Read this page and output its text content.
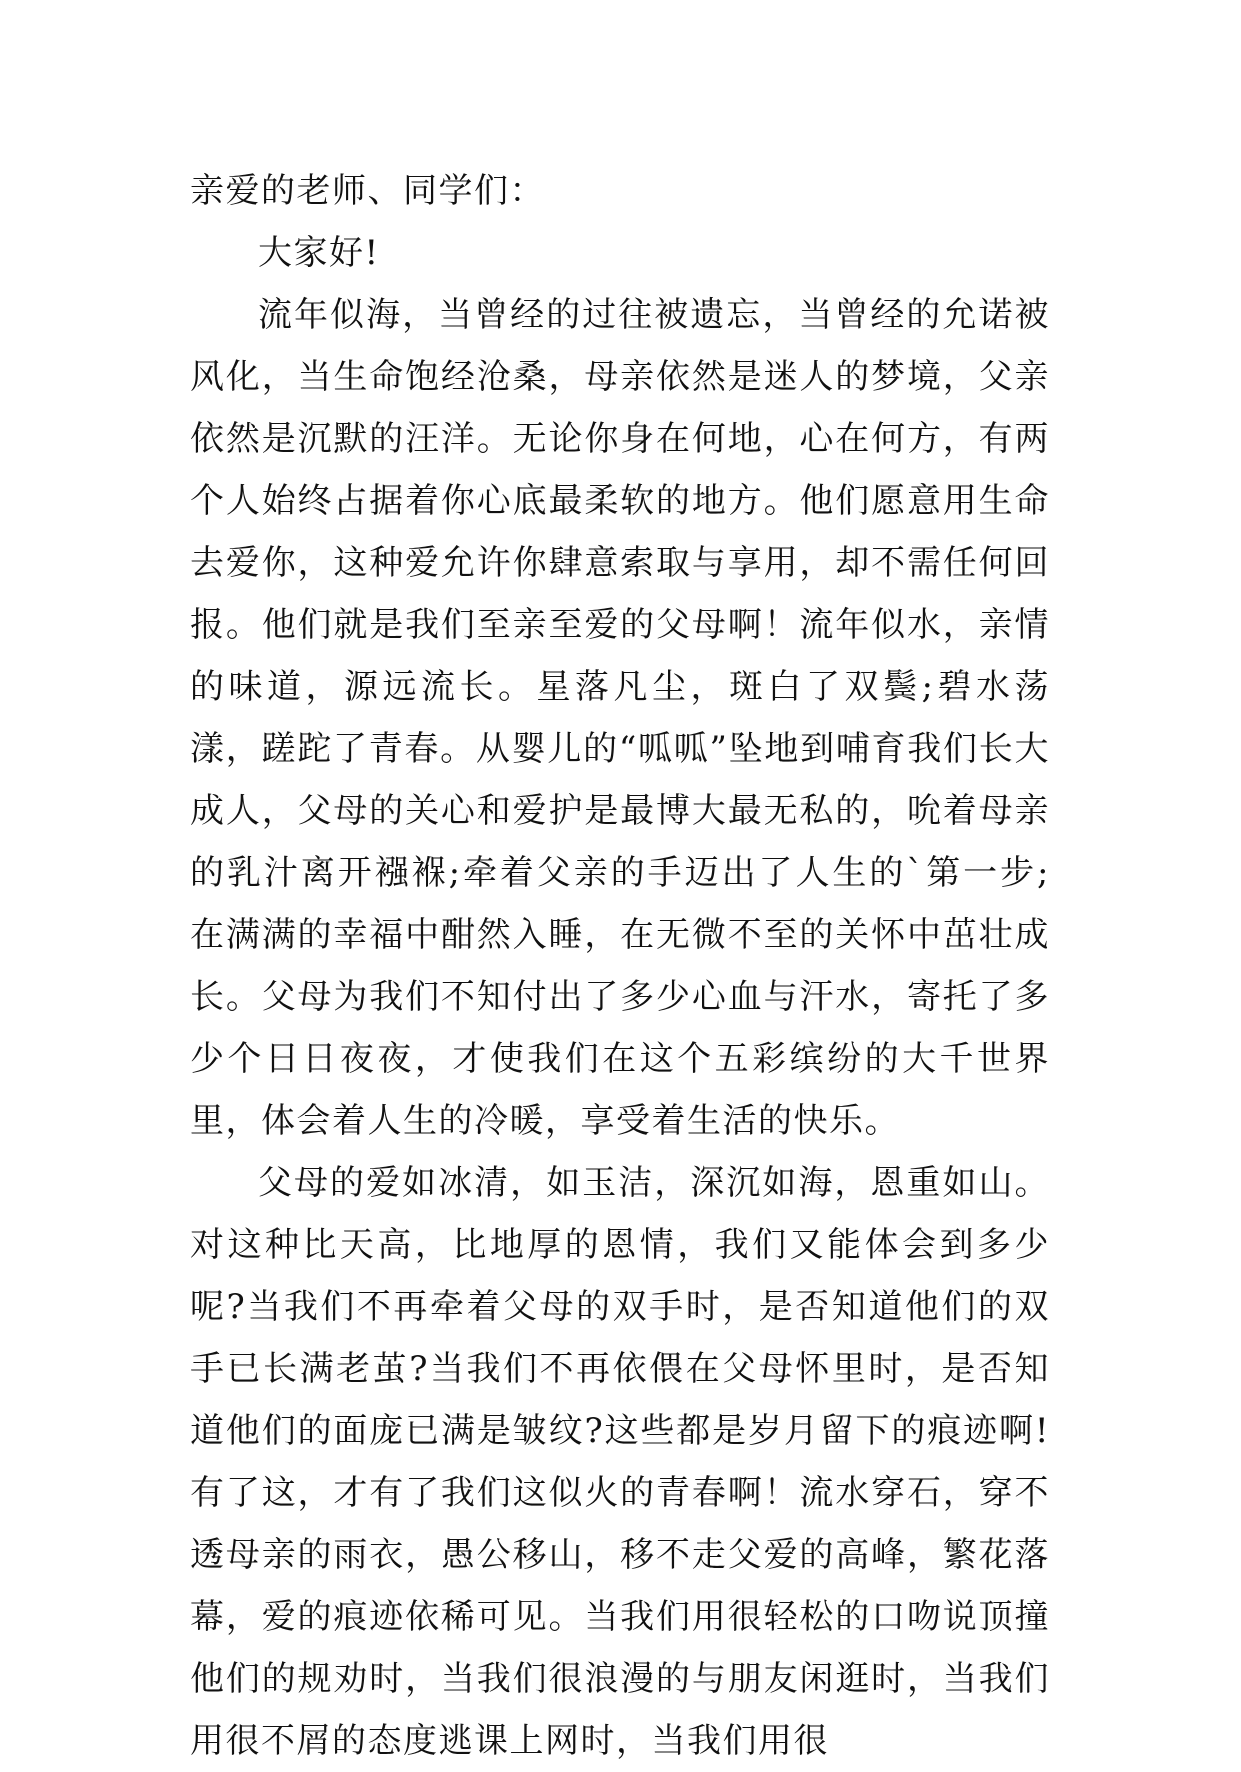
亲爱的老师、同学们：

大家好!

流年似海，当曾经的过往被遗忘，当曾经的允诺被风化，当生命饱经沧桑，母亲依然是迷人的梦境，父亲依然是沉默的汪洋。无论你身在何地，心在何方，有两个人始终占据着你心底最柔软的地方。他们愿意用生命去爱你，这种爱允许你肆意索取与享用，却不需任何回报。他们就是我们至亲至爱的父母啊！流年似水，亲情的味道，源远流长。星落凡尘，斑白了双鬓;碧水荡漾，蹉跎了青春。从婴儿的“呱呱”坠地到哺育我们长大成人，父母的关心和爱护是最博大最无私的，吮着母亲的乳汁离开襁褓;牵着父亲的手迈出了人生的`第一步;在满满的幸福中酣然入睡，在无微不至的关怀中茁壮成长。父母为我们不知付出了多少心血与汗水，寄托了多少个日日夜夜，才使我们在这个五彩缤纷的大千世界里，体会着人生的冷暖，享受着生活的快乐。

父母的爱如冰清，如玉洁，深沉如海，恩重如山。对这种比天高，比地厚的恩情，我们又能体会到多少呢?当我们不再牵着父母的双手时，是否知道他们的双手已长满老茧?当我们不再依偎在父母怀里时，是否知道他们的面庞已满是皱纹?这些都是岁月留下的痕迹啊!有了这，才有了我们这似火的青春啊！流水穿石，穿不透母亲的雨衣，愚公移山，移不走父爱的高峰，繁花落幕，爱的痕迹依稀可见。当我们用很轻松的口吻说顶撞他们的规劝时，当我们很浪漫的与朋友闲逛时，当我们用很不屑的态度逃课上网时，当我们用很
